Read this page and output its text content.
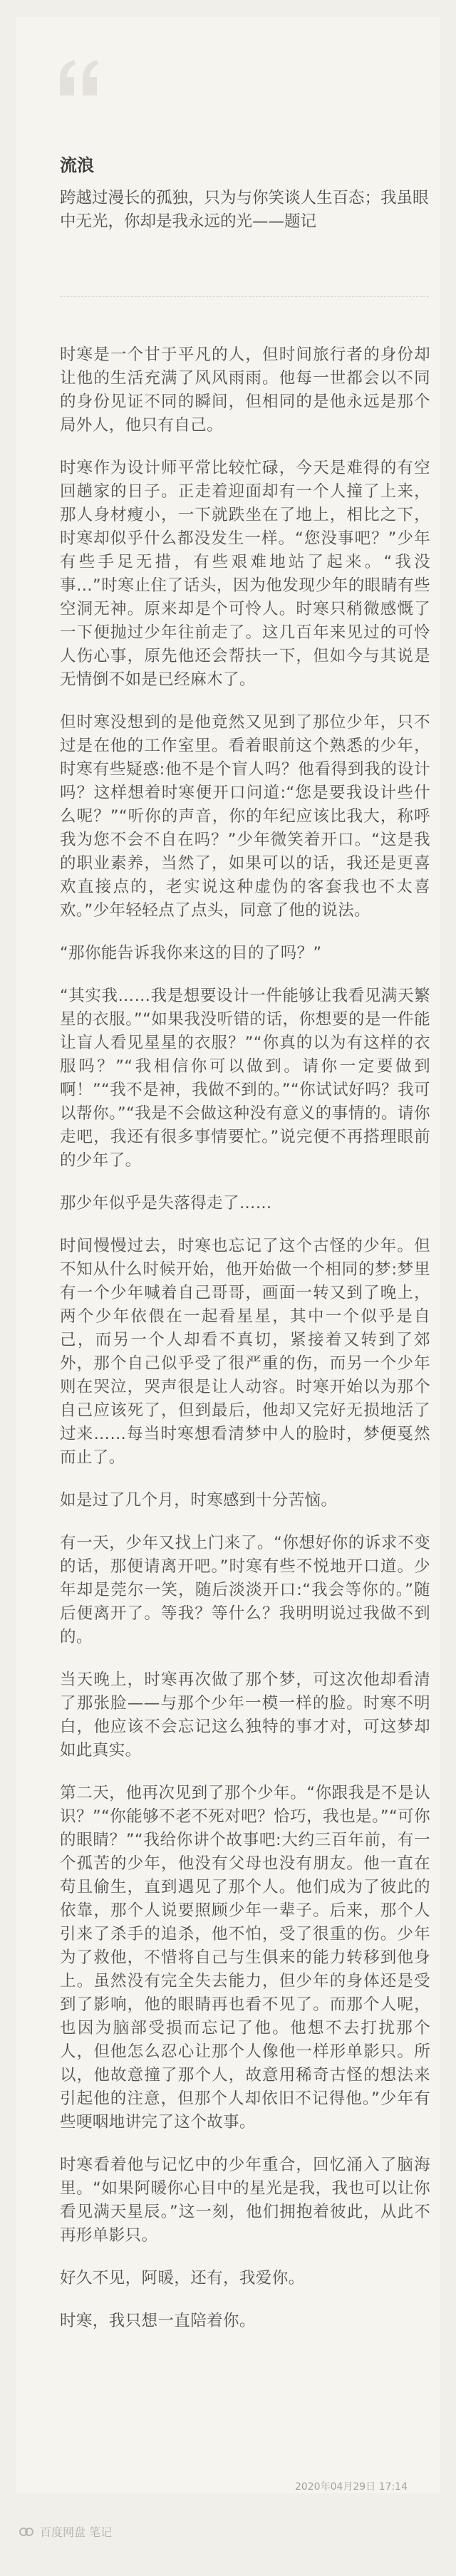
流浪

跨越过漫长的孤独，只为与你笑谈人生百态；我虽眼中无光，你却是我永远的光——题记

时寒是一个甘于平凡的人，但时间旅行者的身份却让他的生活充满了风风雨雨。他每一世都会以不同的身份见证不同的瞬间，但相同的是他永远是那个局外人，他只有自己。

时寒作为设计师平常比较忙碌，今天是难得的有空回趟家的日子。正走着迎面却有一个人撞了上来，那人身材瘦小，一下就跌坐在了地上，相比之下，时寒却似乎什么都没发生一样。“您没事吧？”少年有些手足无措，有些艰难地站了起来。“我没事…”时寒止住了话头，因为他发现少年的眼睛有些空洞无神。原来却是个可怜人。时寒只稍微感慨了一下便抛过少年往前走了。这几百年来见过的可怜人伤心事，原先他还会帮扶一下，但如今与其说是无情倒不如是已经麻木了。

但时寒没想到的是他竟然又见到了那位少年，只不过是在他的工作室里。看着眼前这个熟悉的少年，时寒有些疑惑:他不是个盲人吗？他看得到我的设计吗？这样想着时寒便开口问道:“您是要我设计些什么呢？”“听你的声音，你的年纪应该比我大，称呼我为您不会不自在吗？”少年微笑着开口。“这是我的职业素养，当然了，如果可以的话，我还是更喜欢直接点的，老实说这种虚伪的客套我也不太喜欢。”少年轻轻点了点头，同意了他的说法。

“那你能告诉我你来这的目的了吗？”

“其实我……我是想要设计一件能够让我看见满天繁星的衣服。”“如果我没听错的话，你想要的是一件能让盲人看见星星的衣服？”“你真的以为有这样的衣服吗？”“我相信你可以做到。请你一定要做到啊！”“我不是神，我做不到的。”“你试试好吗？我可以帮你。”“我是不会做这种没有意义的事情的。请你走吧，我还有很多事情要忙。”说完便不再搭理眼前的少年了。

那少年似乎是失落得走了……

时间慢慢过去，时寒也忘记了这个古怪的少年。但不知从什么时候开始，他开始做一个相同的梦:梦里有一个少年喊着自己哥哥，画面一转又到了晚上，两个少年依偎在一起看星星，其中一个似乎是自己，而另一个人却看不真切，紧接着又转到了郊外，那个自己似乎受了很严重的伤，而另一个少年则在哭泣，哭声很是让人动容。时寒开始以为那个自己应该死了，但到最后，他却又完好无损地活了过来……每当时寒想看清梦中人的脸时，梦便戛然而止了。

如是过了几个月，时寒感到十分苦恼。

有一天，少年又找上门来了。“你想好你的诉求不变的话，那便请离开吧。”时寒有些不悦地开口道。少年却是莞尔一笑，随后淡淡开口:“我会等你的。”随后便离开了。等我？等什么？我明明说过我做不到的。

当天晚上，时寒再次做了那个梦，可这次他却看清了那张脸——与那个少年一模一样的脸。时寒不明白，他应该不会忘记这么独特的事才对，可这梦却如此真实。

第二天，他再次见到了那个少年。“你跟我是不是认识？”“你能够不老不死对吧？恰巧，我也是。”“可你的眼睛？”“我给你讲个故事吧:大约三百年前，有一个孤苦的少年，他没有父母也没有朋友。他一直在苟且偷生，直到遇见了那个人。他们成为了彼此的依靠，那个人说要照顾少年一辈子。后来，那个人引来了杀手的追杀，他不怕，受了很重的伤。少年为了救他，不惜将自己与生俱来的能力转移到他身上。虽然没有完全失去能力，但少年的身体还是受到了影响，他的眼睛再也看不见了。而那个人呢，也因为脑部受损而忘记了他。他想不去打扰那个人，但他怎么忍心让那个人像他一样形单影只。所以，他故意撞了那个人，故意用稀奇古怪的想法来引起他的注意，但那个人却依旧不记得他。”少年有些哽咽地讲完了这个故事。

时寒看着他与记忆中的少年重合，回忆涌入了脑海里。“如果阿暖你心目中的星光是我，我也可以让你看见满天星辰。”这一刻，他们拥抱着彼此，从此不再形单影只。

好久不见，阿暖，还有，我爱你。

时寒，我只想一直陪着你。

2020年04月29日 17:14
百度网盘 笔记
